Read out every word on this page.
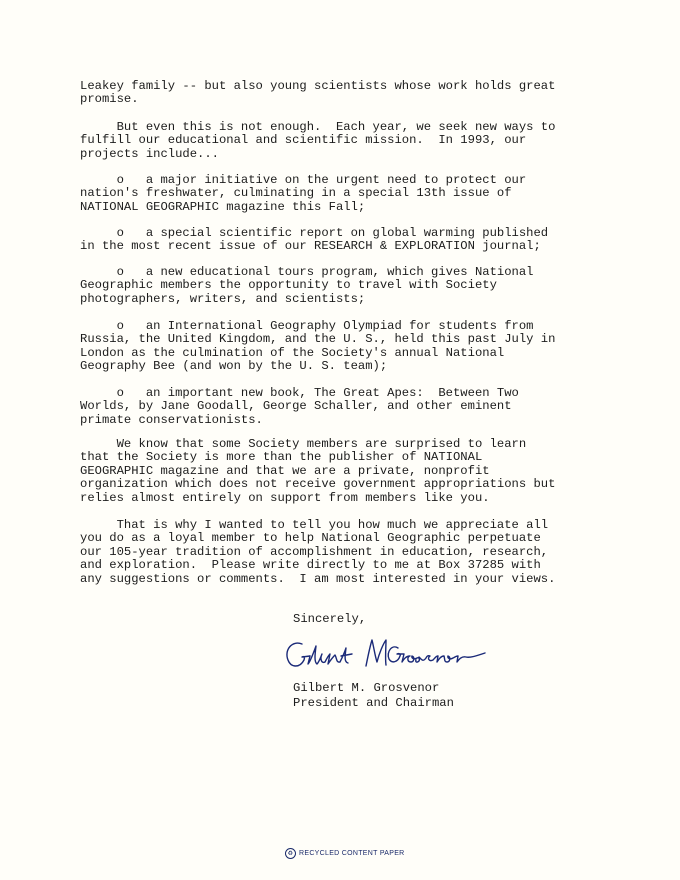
Leakey family -- but also young scientists whose work holds great
promise.
But even this is not enough.  Each year, we seek new ways to
fulfill our educational and scientific mission.  In 1993, our
projects include...
o   a major initiative on the urgent need to protect our
nation's freshwater, culminating in a special 13th issue of
NATIONAL GEOGRAPHIC magazine this Fall;
o   a special scientific report on global warming published
in the most recent issue of our RESEARCH & EXPLORATION journal;
o   a new educational tours program, which gives National
Geographic members the opportunity to travel with Society
photographers, writers, and scientists;
o   an International Geography Olympiad for students from
Russia, the United Kingdom, and the U. S., held this past July in
London as the culmination of the Society's annual National
Geography Bee (and won by the U. S. team);
o   an important new book, The Great Apes:  Between Two
Worlds, by Jane Goodall, George Schaller, and other eminent
primate conservationists.
We know that some Society members are surprised to learn
that the Society is more than the publisher of NATIONAL
GEOGRAPHIC magazine and that we are a private, nonprofit
organization which does not receive government appropriations but
relies almost entirely on support from members like you.
That is why I wanted to tell you how much we appreciate all
you do as a loyal member to help National Geographic perpetuate
our 105-year tradition of accomplishment in education, research,
and exploration.  Please write directly to me at Box 37285 with
any suggestions or comments.  I am most interested in your views.
Sincerely,
Gilbert M. Grosvenor
President and Chairman
♻ RECYCLED CONTENT PAPER
